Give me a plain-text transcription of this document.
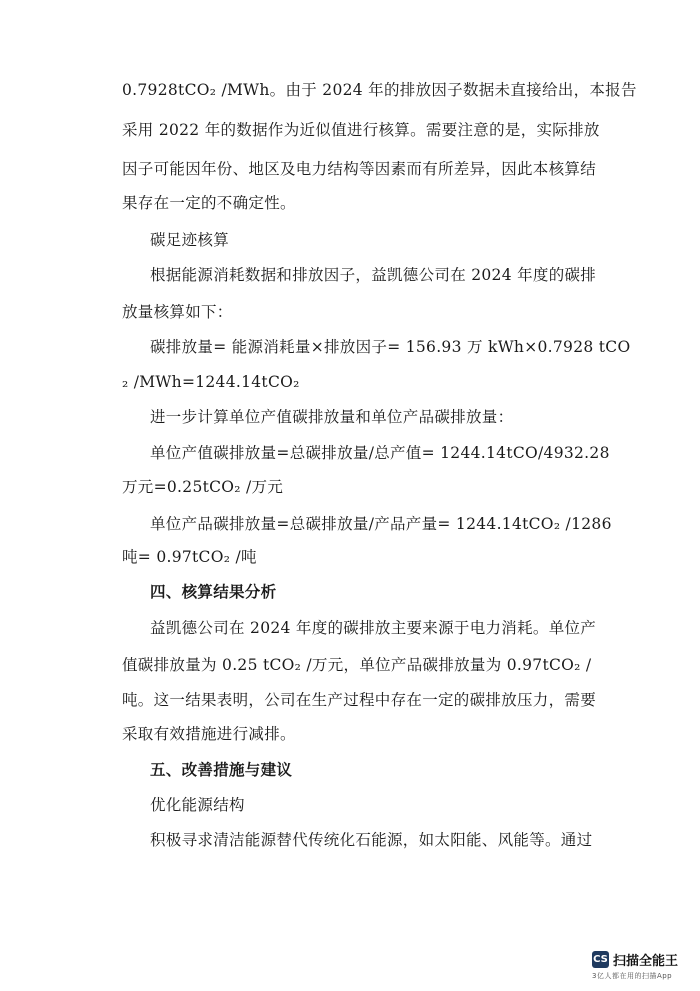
0.7928tCO₂ /MWh。由于 2024 年的排放因子数据未直接给出，本报告
采用 2022 年的数据作为近似值进行核算。需要注意的是，实际排放
因子可能因年份、地区及电力结构等因素而有所差异，因此本核算结
果存在一定的不确定性。
碳足迹核算
根据能源消耗数据和排放因子，益凯德公司在 2024 年度的碳排
放量核算如下：
碳排放量= 能源消耗量×排放因子= 156.93 万 kWh×0.7928 tCO
₂ /MWh=1244.14tCO₂
进一步计算单位产值碳排放量和单位产品碳排放量：
单位产值碳排放量=总碳排放量/总产值= 1244.14tCO/4932.28
万元=0.25tCO₂ /万元
单位产品碳排放量=总碳排放量/产品产量= 1244.14tCO₂ /1286
吨= 0.97tCO₂ /吨
四、核算结果分析
益凯德公司在 2024 年度的碳排放主要来源于电力消耗。单位产
值碳排放量为 0.25 tCO₂ /万元，单位产品碳排放量为 0.97tCO₂ /
吨。这一结果表明，公司在生产过程中存在一定的碳排放压力，需要
采取有效措施进行减排。
五、改善措施与建议
优化能源结构
积极寻求清洁能源替代传统化石能源，如太阳能、风能等。通过
CS 扫描全能王
3亿人都在用的扫描App
